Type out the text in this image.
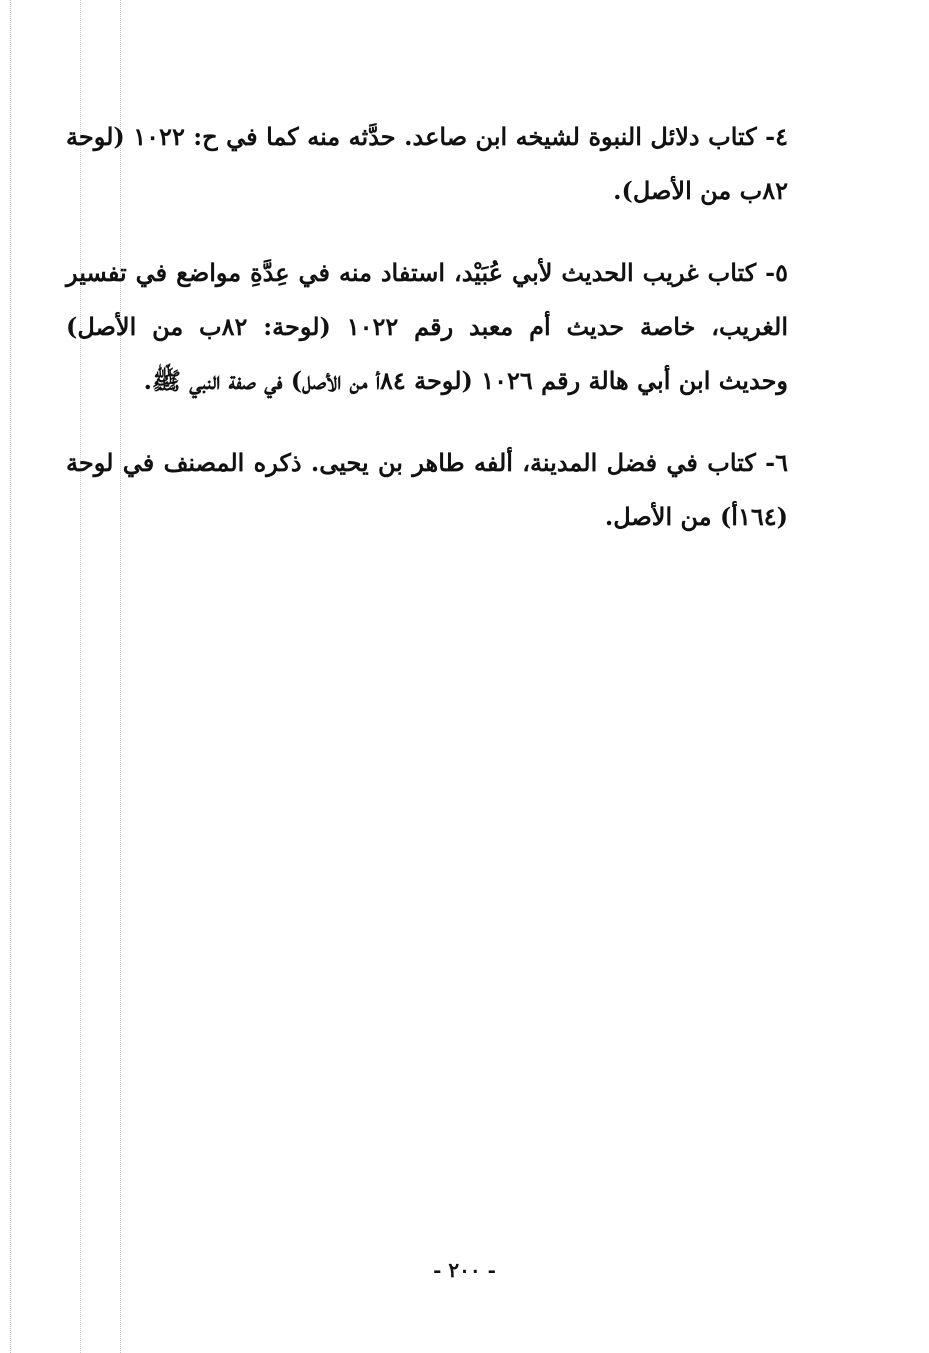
٤- كتاب دلائل النبوة لشيخه ابن صاعد. حدَّثه منه كما في ح: ١٠٢٢ (لوحة ٨٢ب من الأصل).

٥- كتاب غريب الحديث لأبي عُبَيْد، استفاد منه في عِدَّةِ مواضع في تفسير الغريب، خاصة حديث أم معبد رقم ١٠٢٢ (لوحة: ٨٢ب من الأصل) وحديث ابن أبي هالة رقم ١٠٢٦ (لوحة ٨٤أ من الأصل) في صفة النبي ﷺ.

٦- كتاب في فضل المدينة، ألفه طاهر بن يحيى. ذكره المصنف في لوحة (١٦٤أ) من الأصل.

- ٢٠٠ -
